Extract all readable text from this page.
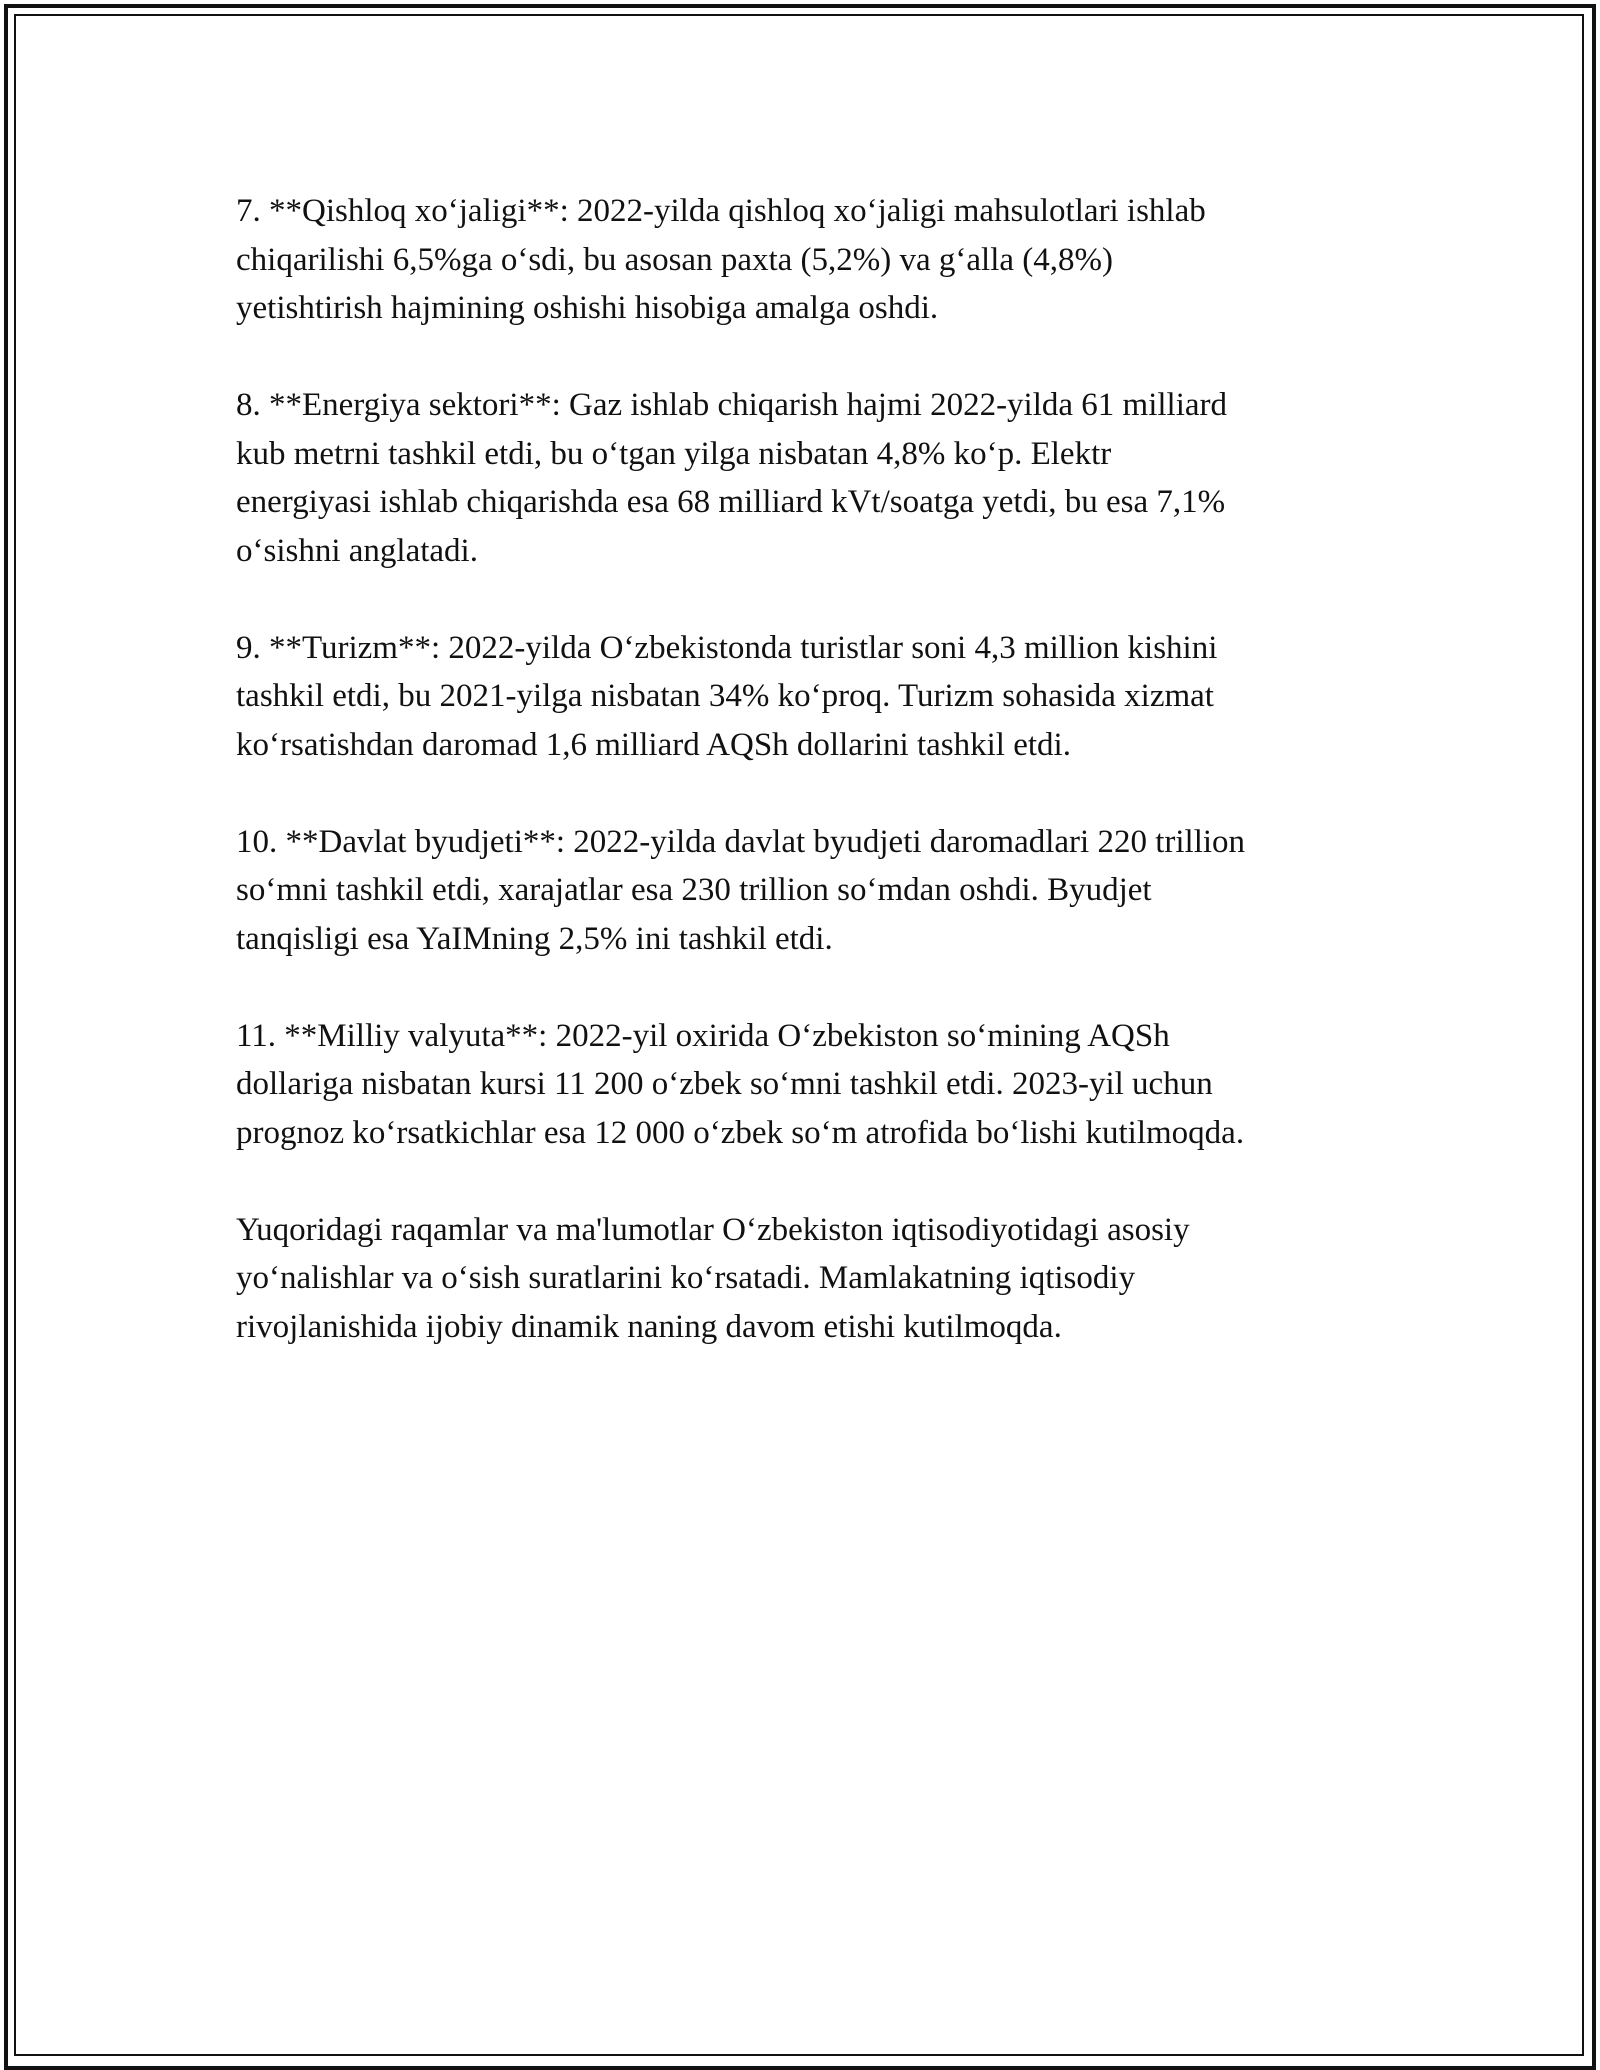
7. **Qishloq xo‘jaligi**: 2022-yilda qishloq xo‘jaligi mahsulotlari ishlab
chiqarilishi 6,5%ga o‘sdi, bu asosan paxta (5,2%) va g‘alla (4,8%)
yetishtirish hajmining oshishi hisobiga amalga oshdi.

8. **Energiya sektori**: Gaz ishlab chiqarish hajmi 2022-yilda 61 milliard
kub metrni tashkil etdi, bu o‘tgan yilga nisbatan 4,8% ko‘p. Elektr
energiyasi ishlab chiqarishda esa 68 milliard kVt/soatga yetdi, bu esa 7,1%
o‘sishni anglatadi.

9. **Turizm**: 2022-yilda O‘zbekistonda turistlar soni 4,3 million kishini
tashkil etdi, bu 2021-yilga nisbatan 34% ko‘proq. Turizm sohasida xizmat
ko‘rsatishdan daromad 1,6 milliard AQSh dollarini tashkil etdi.

10. **Davlat byudjeti**: 2022-yilda davlat byudjeti daromadlari 220 trillion
so‘mni tashkil etdi, xarajatlar esa 230 trillion so‘mdan oshdi. Byudjet
tanqisligi esa YaIMning 2,5% ini tashkil etdi.

11. **Milliy valyuta**: 2022-yil oxirida O‘zbekiston so‘mining AQSh
dollariga nisbatan kursi 11 200 o‘zbek so‘mni tashkil etdi. 2023-yil uchun
prognoz ko‘rsatkichlar esa 12 000 o‘zbek so‘m atrofida bo‘lishi kutilmoqda.

Yuqoridagi raqamlar va ma'lumotlar O‘zbekiston iqtisodiyotidagi asosiy
yo‘nalishlar va o‘sish suratlarini ko‘rsatadi. Mamlakatning iqtisodiy
rivojlanishida ijobiy dinamik naning davom etishi kutilmoqda.
